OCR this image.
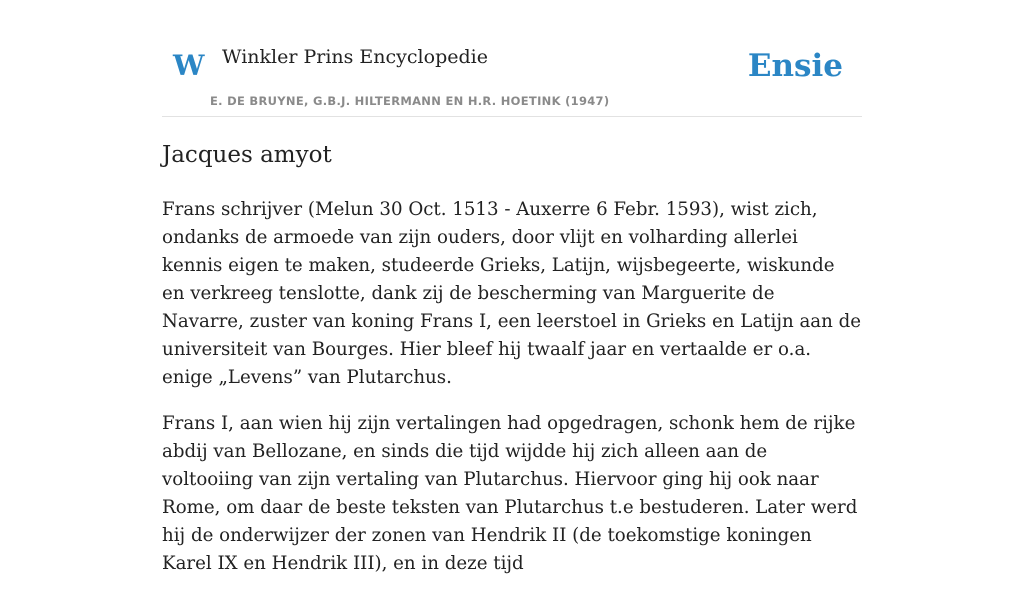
W Winkler Prins Encyclopedie
E. DE BRUYNE, G.B.J. HILTERMANN EN H.R. HOETINK (1947)
Ensie
Jacques amyot

Frans schrijver (Melun 30 Oct. 1513 - Auxerre 6 Febr. 1593), wist zich, ondanks de armoede van zijn ouders, door vlijt en volharding allerlei kennis eigen te maken, studeerde Grieks, Latijn, wijsbegeerte, wiskunde en verkreeg tenslotte, dank zij de bescherming van Marguerite de Navarre, zuster van koning Frans I, een leerstoel in Grieks en Latijn aan de universiteit van Bourges. Hier bleef hij twaalf jaar en vertaalde er o.a. enige „Levens” van Plutarchus.

Frans I, aan wien hij zijn vertalingen had opgedragen, schonk hem de rijke abdij van Bellozane, en sinds die tijd wijdde hij zich alleen aan de voltooiing van zijn vertaling van Plutarchus. Hiervoor ging hij ook naar Rome, om daar de beste teksten van Plutarchus t.e bestuderen. Later werd hij de onderwijzer der zonen van Hendrik II (de toekomstige koningen Karel IX en Hendrik III), en in deze tijd
